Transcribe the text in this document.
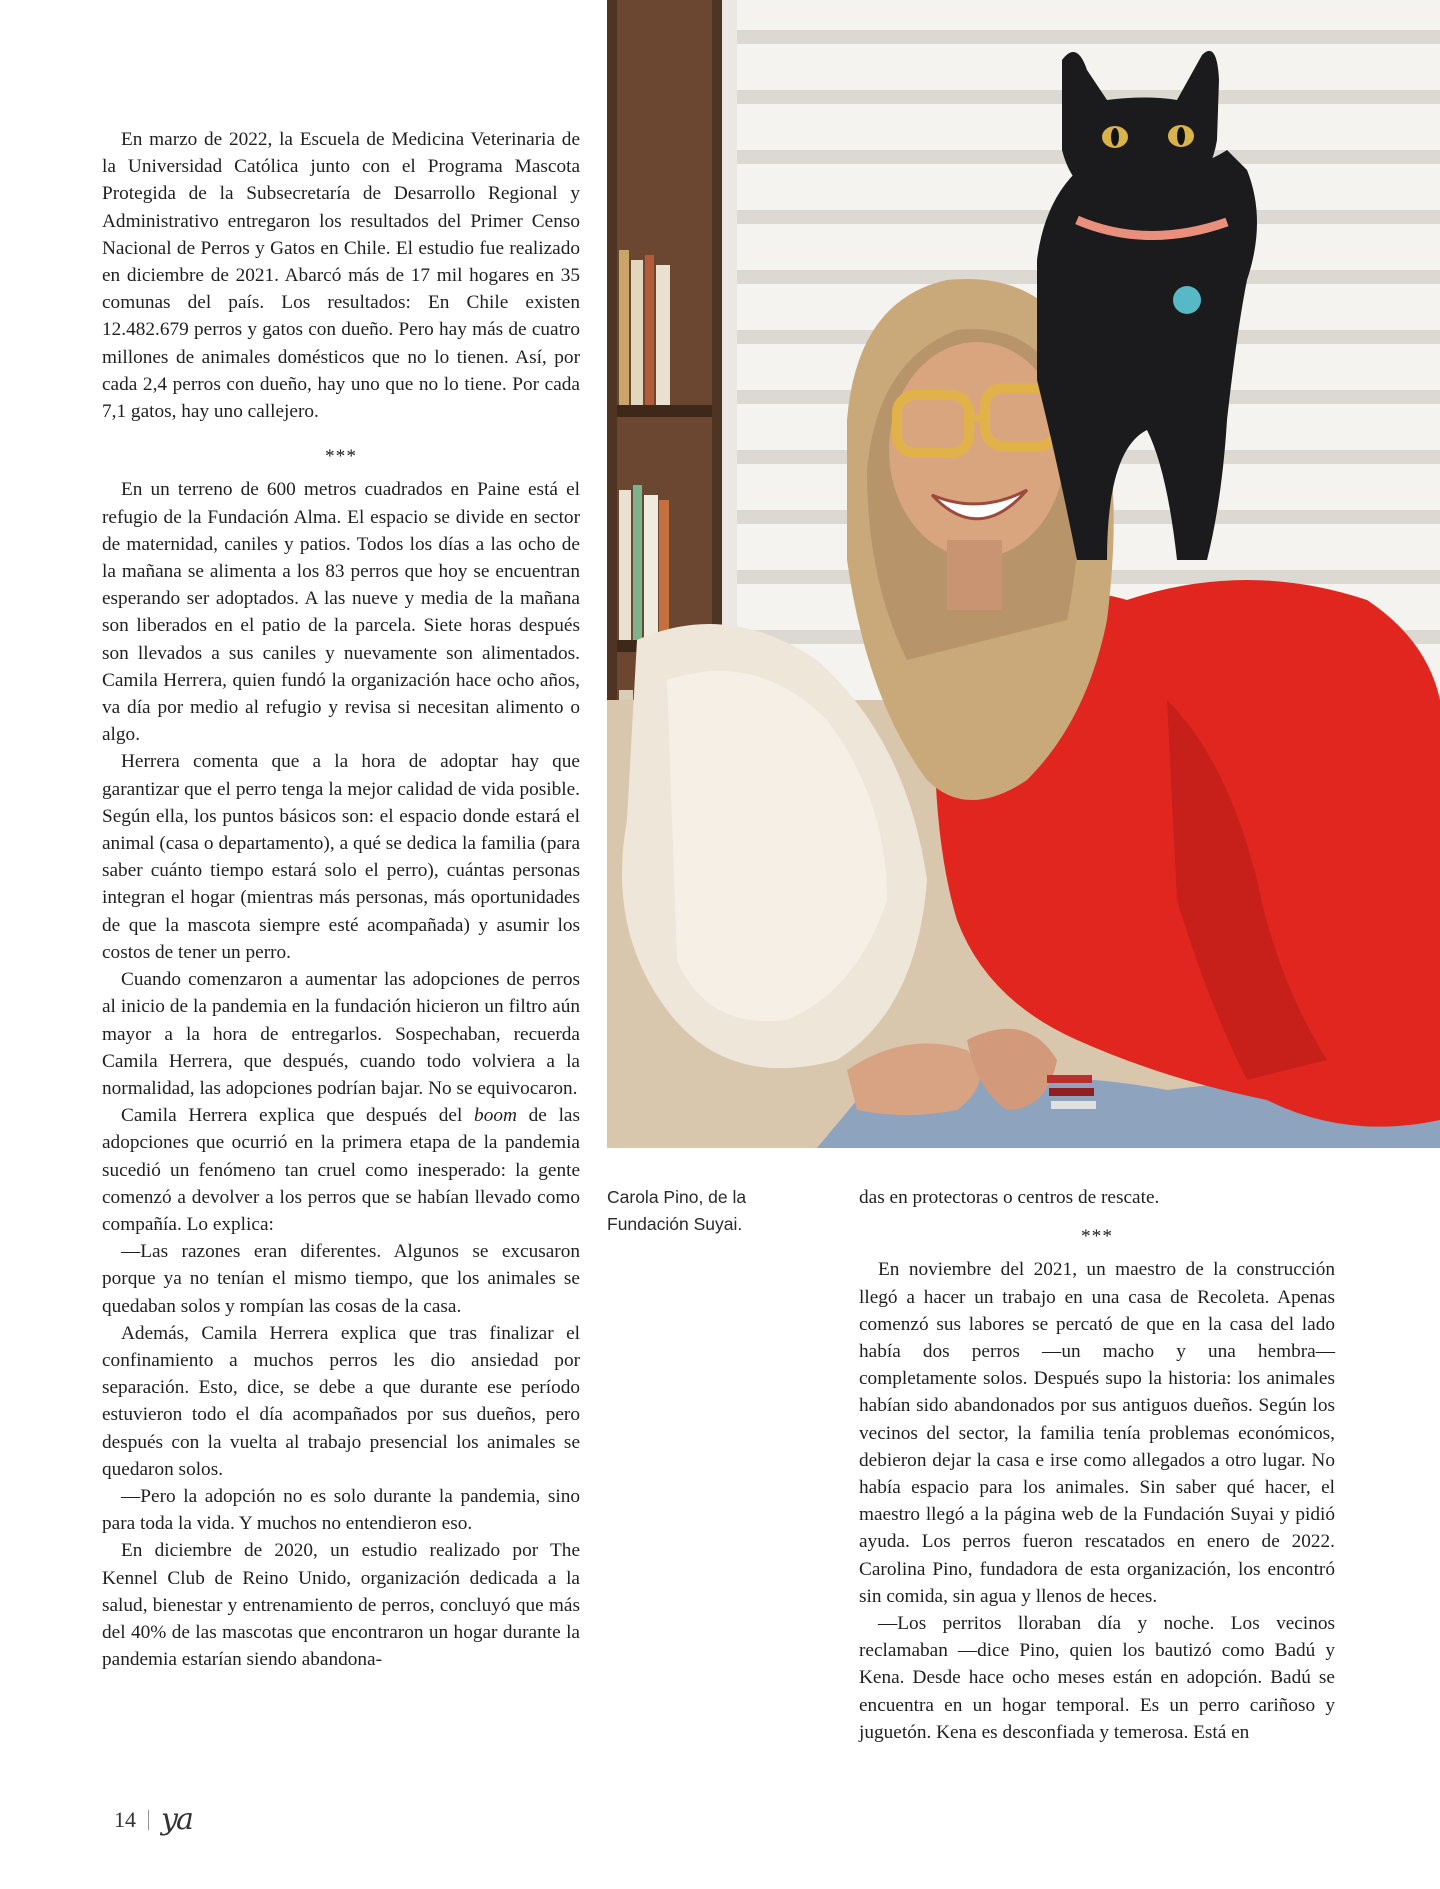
En marzo de 2022, la Escuela de Medicina Veterinaria de la Universidad Católica junto con el Programa Mascota Protegida de la Subsecretaría de Desarrollo Regional y Administrativo entregaron los resultados del Primer Censo Nacional de Perros y Gatos en Chile. El estudio fue realizado en diciembre de 2021. Abarcó más de 17 mil hogares en 35 comunas del país. Los resultados: En Chile existen 12.482.679 perros y gatos con dueño. Pero hay más de cuatro millones de animales domésticos que no lo tienen. Así, por cada 2,4 perros con dueño, hay uno que no lo tiene. Por cada 7,1 gatos, hay uno callejero.

***

En un terreno de 600 metros cuadrados en Paine está el refugio de la Fundación Alma. El espacio se divide en sector de maternidad, caniles y patios. Todos los días a las ocho de la mañana se alimenta a los 83 perros que hoy se encuentran esperando ser adoptados. A las nueve y media de la mañana son liberados en el patio de la parcela. Siete horas después son llevados a sus caniles y nuevamente son alimentados. Camila Herrera, quien fundó la organización hace ocho años, va día por medio al refugio y revisa si necesitan alimento o algo.

Herrera comenta que a la hora de adoptar hay que garantizar que el perro tenga la mejor calidad de vida posible. Según ella, los puntos básicos son: el espacio donde estará el animal (casa o departamento), a qué se dedica la familia (para saber cuánto tiempo estará solo el perro), cuántas personas integran el hogar (mientras más personas, más oportunidades de que la mascota siempre esté acompañada) y asumir los costos de tener un perro.

Cuando comenzaron a aumentar las adopciones de perros al inicio de la pandemia en la fundación hicieron un filtro aún mayor a la hora de entregarlos. Sospechaban, recuerda Camila Herrera, que después, cuando todo volviera a la normalidad, las adopciones podrían bajar. No se equivocaron.

Camila Herrera explica que después del boom de las adopciones que ocurrió en la primera etapa de la pandemia sucedió un fenómeno tan cruel como inesperado: la gente comenzó a devolver a los perros que se habían llevado como compañía. Lo explica:

—Las razones eran diferentes. Algunos se excusaron porque ya no tenían el mismo tiempo, que los animales se quedaban solos y rompían las cosas de la casa.

Además, Camila Herrera explica que tras finalizar el confinamiento a muchos perros les dio ansiedad por separación. Esto, dice, se debe a que durante ese período estuvieron todo el día acompañados por sus dueños, pero después con la vuelta al trabajo presencial los animales se quedaron solos.

—Pero la adopción no es solo durante la pandemia, sino para toda la vida. Y muchos no entendieron eso.

En diciembre de 2020, un estudio realizado por The Kennel Club de Reino Unido, organización dedicada a la salud, bienestar y entrenamiento de perros, concluyó que más del 40% de las mascotas que encontraron un hogar durante la pandemia estarían siendo abandona-

Carola Pino, de la Fundación Suyai.

das en protectoras o centros de rescate.

***

En noviembre del 2021, un maestro de la construcción llegó a hacer un trabajo en una casa de Recoleta. Apenas comenzó sus labores se percató de que en la casa del lado había dos perros —un macho y una hembra— completamente solos. Después supo la historia: los animales habían sido abandonados por sus antiguos dueños. Según los vecinos del sector, la familia tenía problemas económicos, debieron dejar la casa e irse como allegados a otro lugar. No había espacio para los animales. Sin saber qué hacer, el maestro llegó a la página web de la Fundación Suyai y pidió ayuda. Los perros fueron rescatados en enero de 2022. Carolina Pino, fundadora de esta organización, los encontró sin comida, sin agua y llenos de heces.

—Los perritos lloraban día y noche. Los vecinos reclamaban —dice Pino, quien los bautizó como Badú y Kena. Desde hace ocho meses están en adopción. Badú se encuentra en un hogar temporal. Es un perro cariñoso y juguetón. Kena es desconfiada y temerosa. Está en

14 ya
